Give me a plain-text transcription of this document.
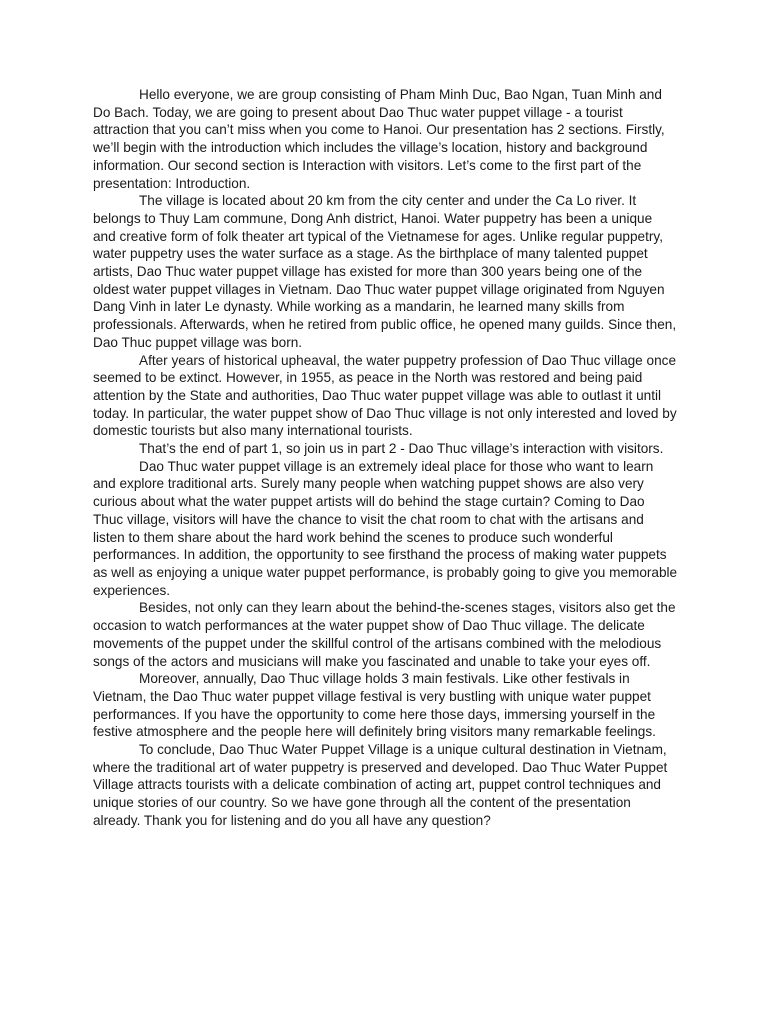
Hello everyone, we are group consisting of Pham Minh Duc, Bao Ngan, Tuan Minh and Do Bach. Today, we are going to present about Dao Thuc water puppet village - a tourist attraction that you can’t miss when you come to Hanoi. Our presentation has 2 sections. Firstly, we’ll begin with the introduction which includes the village’s location, history and background information. Our second section is Interaction with visitors. Let’s come to the first part of the presentation: Introduction.

The village is located about 20 km from the city center and under the Ca Lo river. It belongs to Thuy Lam commune, Dong Anh district, Hanoi. Water puppetry has been a unique and creative form of folk theater art typical of the Vietnamese for ages. Unlike regular puppetry, water puppetry uses the water surface as a stage. As the birthplace of many talented puppet artists, Dao Thuc water puppet village has existed for more than 300 years being one of the oldest water puppet villages in Vietnam. Dao Thuc water puppet village originated from Nguyen Dang Vinh in later Le dynasty. While working as a mandarin, he learned many skills from professionals. Afterwards, when he retired from public office, he opened many guilds. Since then, Dao Thuc puppet village was born.

After years of historical upheaval, the water puppetry profession of Dao Thuc village once seemed to be extinct. However, in 1955, as peace in the North was restored and being paid attention by the State and authorities, Dao Thuc water puppet village was able to outlast it until today. In particular, the water puppet show of Dao Thuc village is not only interested and loved by domestic tourists but also many international tourists.

That’s the end of part 1, so join us in part 2 - Dao Thuc village’s interaction with visitors.

Dao Thuc water puppet village is an extremely ideal place for those who want to learn and explore traditional arts. Surely many people when watching puppet shows are also very curious about what the water puppet artists will do behind the stage curtain? Coming to Dao Thuc village, visitors will have the chance to visit the chat room to chat with the artisans and listen to them share about the hard work behind the scenes to produce such wonderful performances. In addition, the opportunity to see firsthand the process of making water puppets as well as enjoying a unique water puppet performance, is probably going to give you memorable experiences.

Besides, not only can they learn about the behind-the-scenes stages, visitors also get the occasion to watch performances at the water puppet show of Dao Thuc village. The delicate movements of the puppet under the skillful control of the artisans combined with the melodious songs of the actors and musicians will make you fascinated and unable to take your eyes off.

Moreover, annually, Dao Thuc village holds 3 main festivals. Like other festivals in Vietnam, the Dao Thuc water puppet village festival is very bustling with unique water puppet performances. If you have the opportunity to come here those days, immersing yourself in the festive atmosphere and the people here will definitely bring visitors many remarkable feelings.

To conclude, Dao Thuc Water Puppet Village is a unique cultural destination in Vietnam, where the traditional art of water puppetry is preserved and developed. Dao Thuc Water Puppet Village attracts tourists with a delicate combination of acting art, puppet control techniques and unique stories of our country. So we have gone through all the content of the presentation already. Thank you for listening and do you all have any question?
